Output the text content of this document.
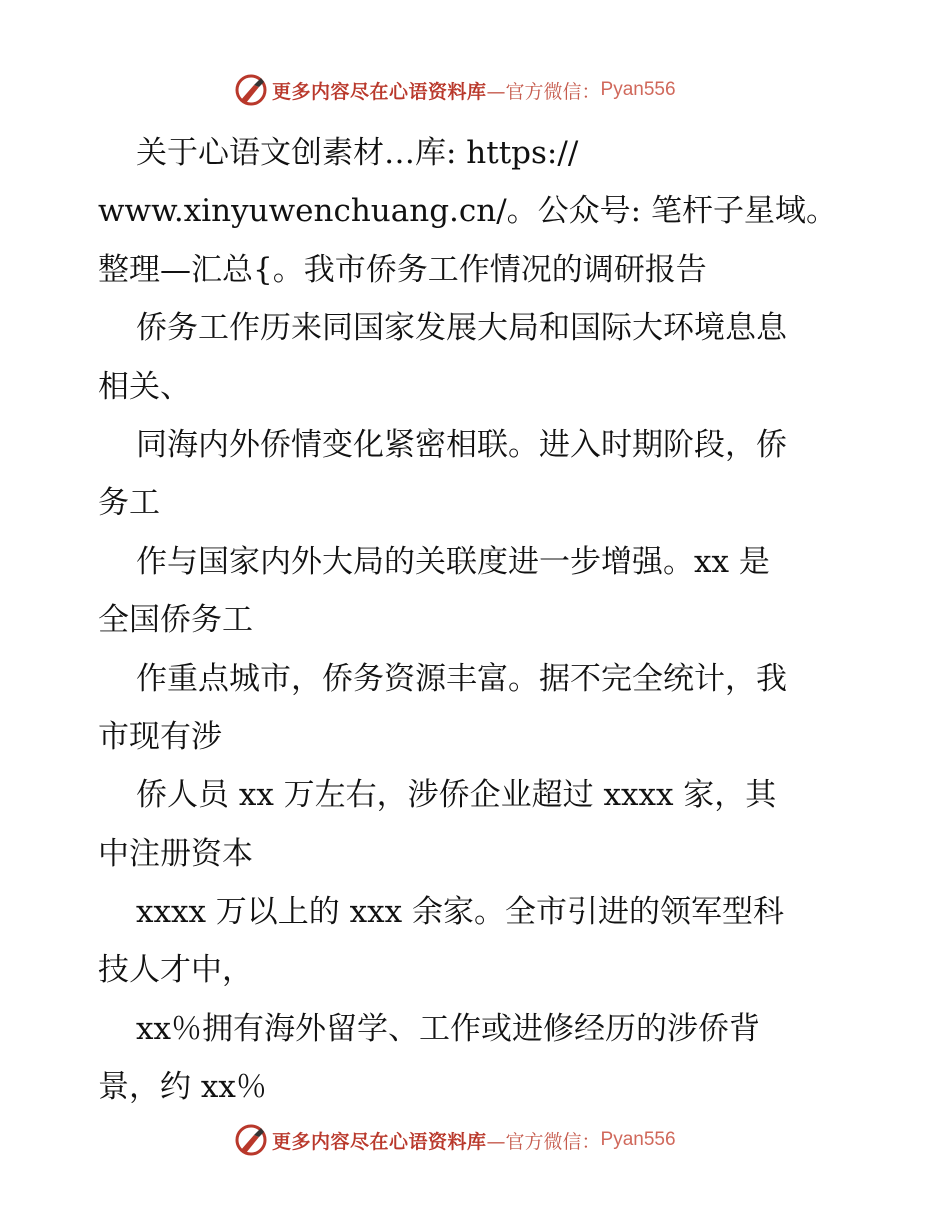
更多内容尽在心语资料库 —官方微信： Pyan556
关于心语文创素材…库: https://
www.xinyuwenchuang.cn/。公众号: 笔杆子星域。
整理—汇总{。我市侨务工作情况的调研报告
侨务工作历来同国家发展大局和国际大环境息息
相关、
同海内外侨情变化紧密相联。进入时期阶段，侨
务工
作与国家内外大局的关联度进一步增强。xx 是
全国侨务工
作重点城市，侨务资源丰富。据不完全统计，我
市现有涉
侨人员 xx 万左右，涉侨企业超过 xxxx 家，其
中注册资本
xxxx 万以上的 xxx 余家。全市引进的领军型科
技人才中，
xx％拥有海外留学、工作或进修经历的涉侨背
景，约 xx％
更多内容尽在心语资料库 —官方微信： Pyan556
